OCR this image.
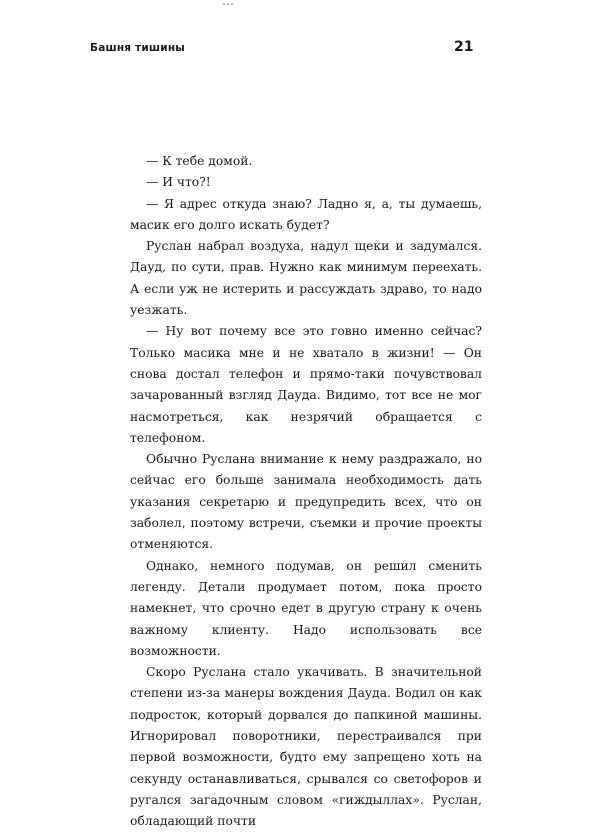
…
Башня тишины	21

— К тебе домой.

— И что?!

— Я адрес откуда знаю? Ладно я, а, ты думаешь, масик его долго искать будет?

Руслан набрал воздуха, надул щеки и задумался. Дауд, по сути, прав. Нужно как минимум переехать. А если уж не истерить и рассуждать здраво, то надо уезжать.

— Ну вот почему все это говно именно сейчас? Только масика мне и не хватало в жизни! — Он снова достал телефон и прямо-таки почувствовал зачарованный взгляд Дауда. Видимо, тот все не мог насмотреться, как незрячий обращается с телефоном.

Обычно Руслана внимание к нему раздражало, но сейчас его больше занимала необходимость дать указания секретарю и предупредить всех, что он заболел, поэтому встречи, съемки и прочие проекты отменяются.

Однако, немного подумав, он решил сменить легенду. Детали продумает потом, пока просто намекнет, что срочно едет в другую страну к очень важному клиенту. Надо использовать все возможности.

Скоро Руслана стало укачивать. В значительной степени из-за манеры вождения Дауда. Водил он как подросток, который дорвался до папкиной машины. Игнорировал поворотники, перестраивался при первой возможности, будто ему запрещено хоть на секунду останавливаться, срывался со светофоров и ругался загадочным словом «гиждыллах». Руслан, обладающий почти
